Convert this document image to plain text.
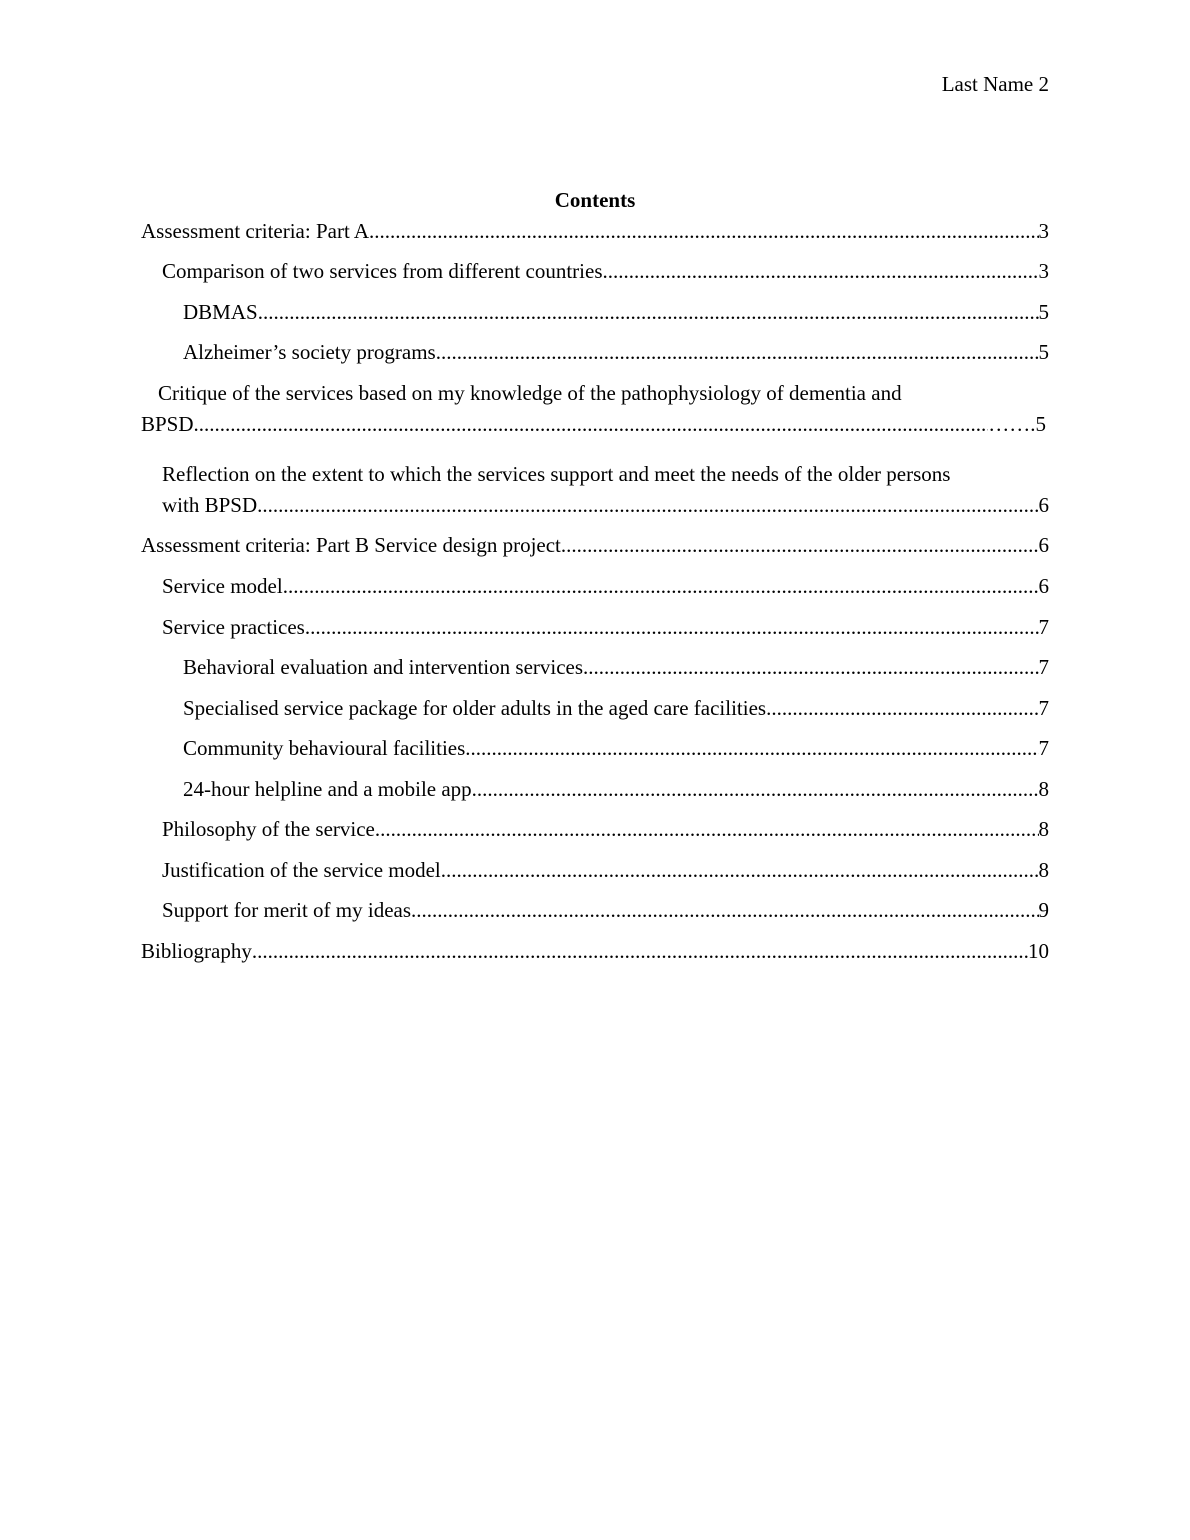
Last Name 2
Contents
Assessment criteria: Part A .....	3
Comparison of two services from different countries .....	3
DBMAS .....	5
Alzheimer’s society programs .....	5
Critique of the services based on my knowledge of the pathophysiology of dementia and
BPSD .....	…… .5
Reflection on the extent to which the services support and meet the needs of the older persons
with BPSD .....	6
Assessment criteria: Part B Service design project .....	6
Service model .....	6
Service practices .....	7
Behavioral evaluation and intervention services .....	7
Specialised service package for older adults in the aged care facilities .....	7
Community behavioural facilities .....	7
24-hour helpline and a mobile app .....	8
Philosophy of the service .....	8
Justification of the service model .....	8
Support for merit of my ideas .....	9
Bibliography .....	10
